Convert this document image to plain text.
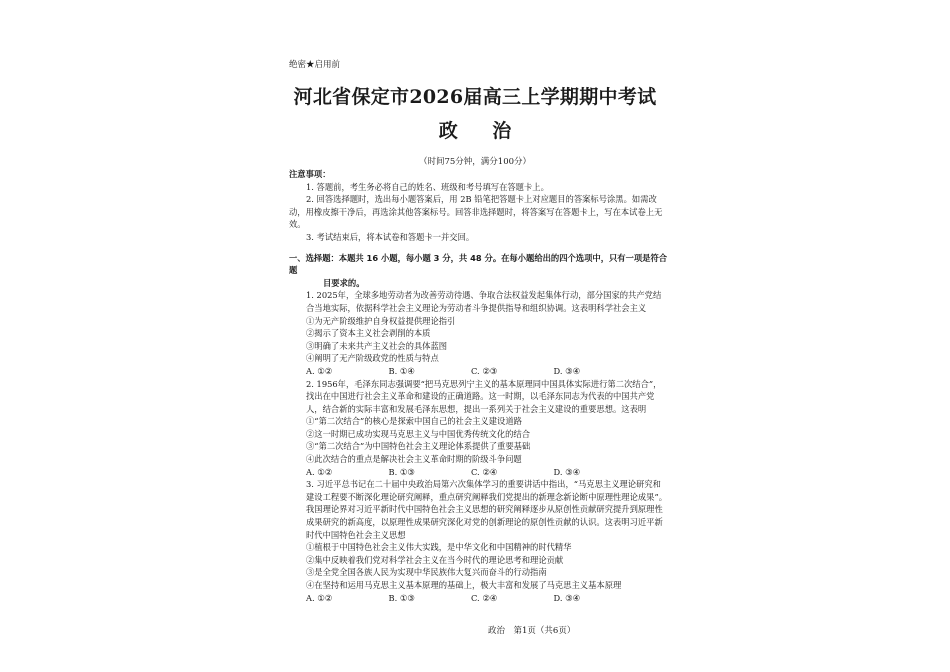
绝密★启用前
河北省保定市2026届高三上学期期中考试
政 治
（时间75分钟，满分100分）
注意事项：

1. 答题前，考生务必将自己的姓名、班级和考号填写在答题卡上。

2. 回答选择题时，选出每小题答案后，用 2B 铅笔把答题卡上对应题目的答案标号涂黑。如需改动，用橡皮擦干净后，再选涂其他答案标号。回答非选择题时，将答案写在答题卡上，写在本试卷上无效。

3. 考试结束后，将本试卷和答题卡一并交回。

一、选择题：本题共 16 小题，每小题 3 分，共 48 分。在每小题给出的四个选项中，只有一项是符合题
目要求的。
1. 2025年，全球多地劳动者为改善劳动待遇、争取合法权益发起集体行动，部分国家的共产党结合当地实际，依据科学社会主义理论为劳动者斗争提供指导和组织协调。这表明科学社会主义
①为无产阶级维护自身权益提供理论指引
②揭示了资本主义社会剥削的本质
③明确了未来共产主义社会的具体蓝图
④阐明了无产阶级政党的性质与特点
A. ①②	B. ①④	C. ②③	D. ③④
2. 1956年，毛泽东同志强调要“把马克思列宁主义的基本原理同中国具体实际进行第二次结合”，找出在中国进行社会主义革命和建设的正确道路。这一时期，以毛泽东同志为代表的中国共产党人，结合新的实际丰富和发展毛泽东思想，提出一系列关于社会主义建设的重要思想。这表明
①“第二次结合”的核心是探索中国自己的社会主义建设道路
②这一时期已成功实现马克思主义与中国优秀传统文化的结合
③“第二次结合”为中国特色社会主义理论体系提供了重要基础
④此次结合的重点是解决社会主义革命时期的阶级斗争问题
A. ①②	B. ①③	C. ②④	D. ③④
3. 习近平总书记在二十届中央政治局第六次集体学习的重要讲话中指出，“马克思主义理论研究和建设工程要不断深化理论研究阐释，重点研究阐释我们党提出的新理念新论断中原理性理论成果”。我国理论界对习近平新时代中国特色社会主义思想的研究阐释逐步从原创性贡献研究提升到原理性成果研究的新高度，以原理性成果研究深化对党的创新理论的原创性贡献的认识。这表明习近平新时代中国特色社会主义思想
①植根于中国特色社会主义伟大实践，是中华文化和中国精神的时代精华
②集中反映着我们党对科学社会主义在当今时代的理论思考和理论贡献
③是全党全国各族人民为实现中华民族伟大复兴而奋斗的行动指南
④在坚持和运用马克思主义基本原理的基础上，极大丰富和发展了马克思主义基本原理
A. ①②	B. ①③	C. ②④	D. ③④
政治　第1页（共6页）
